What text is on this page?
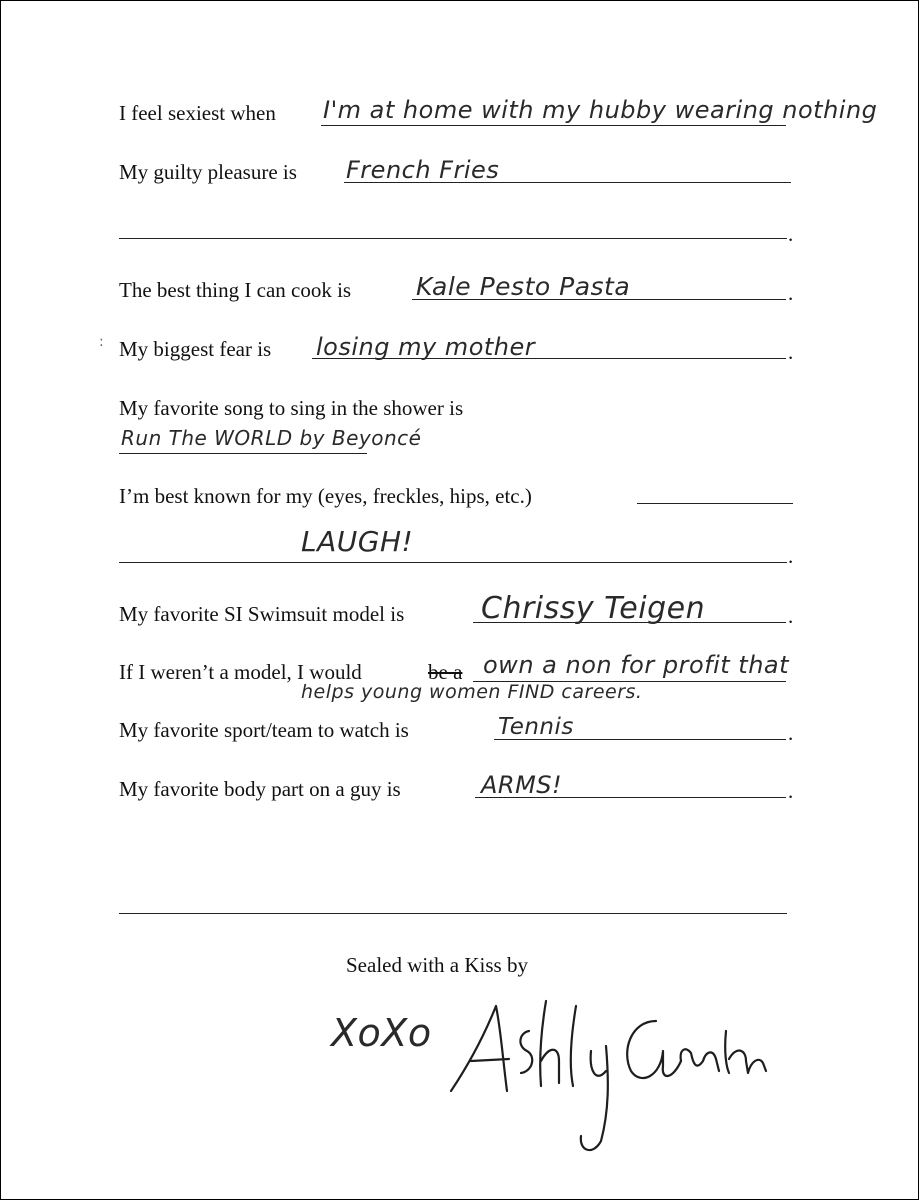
I feel sexiest when I'm at home with my hubby wearing nothing
My guilty pleasure is French Fries
.
The best thing I can cook is	.
Kale Pesto Pasta
: My biggest fear is	.
losing my mother
My favorite song to sing in the shower is
Run The WORLD by Beyoncé
I’m best known for my (eyes, freckles, hips, etc.)
.
LAUGH!
My favorite SI Swimsuit model is	.
Chrissy Teigen
If I weren’t a model, I would	be a own a non for profit that
helps young women FIND careers.
My favorite sport/team to watch is	.
Tennis
My favorite body part on a guy is	.
ARMS!
Sealed with a Kiss by
XoXo
